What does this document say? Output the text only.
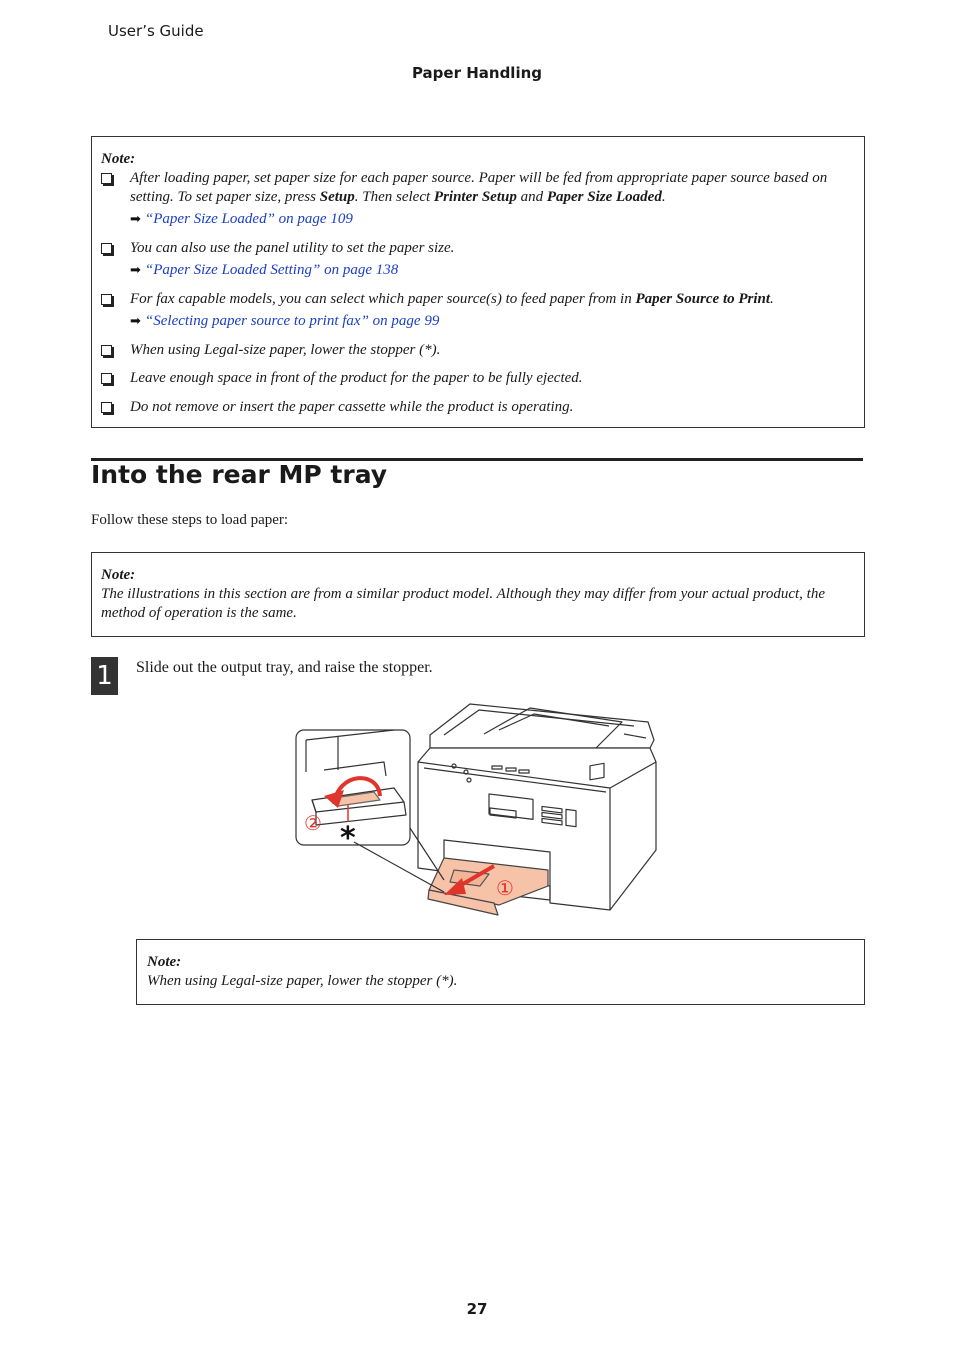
User’s Guide
Paper Handling
Note:
After loading paper, set paper size for each paper source. Paper will be fed from appropriate paper source based on setting. To set paper size, press Setup. Then select Printer Setup and Paper Size Loaded.
➡ “Paper Size Loaded” on page 109
You can also use the panel utility to set the paper size.
➡ “Paper Size Loaded Setting” on page 138
For fax capable models, you can select which paper source(s) to feed paper from in Paper Source to Print.
➡ “Selecting paper source to print fax” on page 99
When using Legal-size paper, lower the stopper (*).
Leave enough space in front of the product for the paper to be fully ejected.
Do not remove or insert the paper cassette while the product is operating.
Into the rear MP tray
Follow these steps to load paper:
Note:
The illustrations in this section are from a similar product model. Although they may differ from your actual product, the method of operation is the same.
1	Slide out the output tray, and raise the stopper.
② *
①
Note:
When using Legal-size paper, lower the stopper (*).
27
